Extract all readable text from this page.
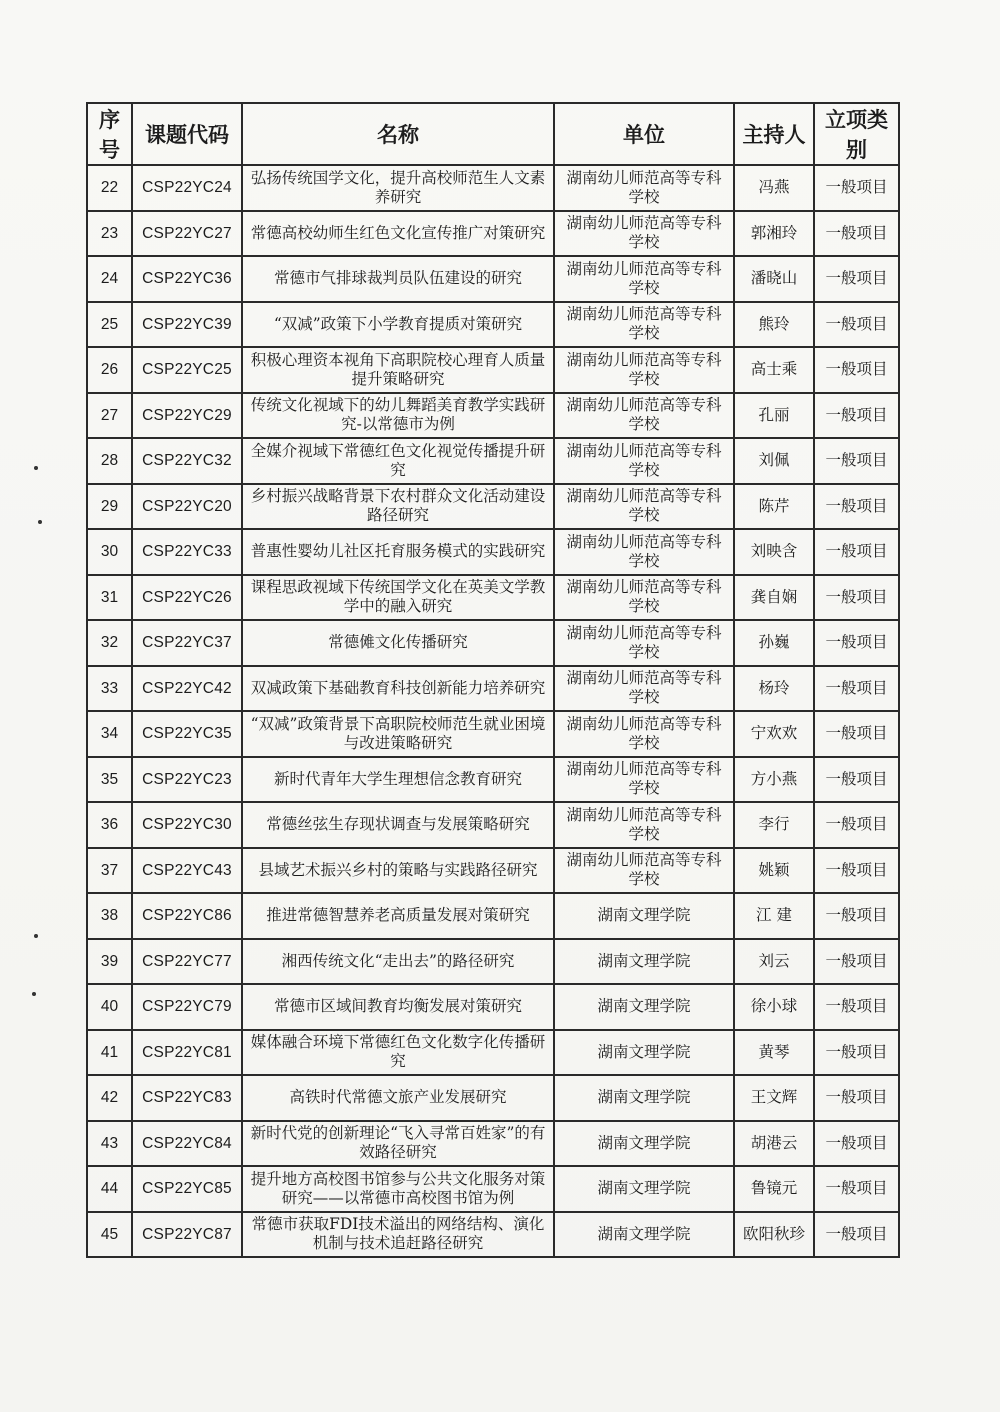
序号	课题代码	名称	单位	主持人	立项类别
22	CSP22YC24	弘扬传统国学文化，提升高校师范生人文素养研究	湖南幼儿师范高等专科学校	冯燕	一般项目
23	CSP22YC27	常德高校幼师生红色文化宣传推广对策研究	湖南幼儿师范高等专科学校	郭湘玲	一般项目
24	CSP22YC36	常德市气排球裁判员队伍建设的研究	湖南幼儿师范高等专科学校	潘晓山	一般项目
25	CSP22YC39	“双减”政策下小学教育提质对策研究	湖南幼儿师范高等专科学校	熊玲	一般项目
26	CSP22YC25	积极心理资本视角下高职院校心理育人质量提升策略研究	湖南幼儿师范高等专科学校	高士乘	一般项目
27	CSP22YC29	传统文化视域下的幼儿舞蹈美育教学实践研究-以常德市为例	湖南幼儿师范高等专科学校	孔丽	一般项目
28	CSP22YC32	全媒介视域下常德红色文化视觉传播提升研究	湖南幼儿师范高等专科学校	刘佩	一般项目
29	CSP22YC20	乡村振兴战略背景下农村群众文化活动建设路径研究	湖南幼儿师范高等专科学校	陈芹	一般项目
30	CSP22YC33	普惠性婴幼儿社区托育服务模式的实践研究	湖南幼儿师范高等专科学校	刘映含	一般项目
31	CSP22YC26	课程思政视域下传统国学文化在英美文学教学中的融入研究	湖南幼儿师范高等专科学校	龚自娴	一般项目
32	CSP22YC37	常德傩文化传播研究	湖南幼儿师范高等专科学校	孙巍	一般项目
33	CSP22YC42	双减政策下基础教育科技创新能力培养研究	湖南幼儿师范高等专科学校	杨玲	一般项目
34	CSP22YC35	“双减”政策背景下高职院校师范生就业困境与改进策略研究	湖南幼儿师范高等专科学校	宁欢欢	一般项目
35	CSP22YC23	新时代青年大学生理想信念教育研究	湖南幼儿师范高等专科学校	方小燕	一般项目
36	CSP22YC30	常德丝弦生存现状调查与发展策略研究	湖南幼儿师范高等专科学校	李行	一般项目
37	CSP22YC43	县域艺术振兴乡村的策略与实践路径研究	湖南幼儿师范高等专科学校	姚颖	一般项目
38	CSP22YC86	推进常德智慧养老高质量发展对策研究	湖南文理学院	江 建	一般项目
39	CSP22YC77	湘西传统文化“走出去”的路径研究	湖南文理学院	刘云	一般项目
40	CSP22YC79	常德市区域间教育均衡发展对策研究	湖南文理学院	徐小球	一般项目
41	CSP22YC81	媒体融合环境下常德红色文化数字化传播研究	湖南文理学院	黄琴	一般项目
42	CSP22YC83	高铁时代常德文旅产业发展研究	湖南文理学院	王文辉	一般项目
43	CSP22YC84	新时代党的创新理论“飞入寻常百姓家”的有效路径研究	湖南文理学院	胡港云	一般项目
44	CSP22YC85	提升地方高校图书馆参与公共文化服务对策研究——以常德市高校图书馆为例	湖南文理学院	鲁镜元	一般项目
45	CSP22YC87	常德市获取FDI技术溢出的网络结构、演化机制与技术追赶路径研究	湖南文理学院	欧阳秋珍	一般项目
